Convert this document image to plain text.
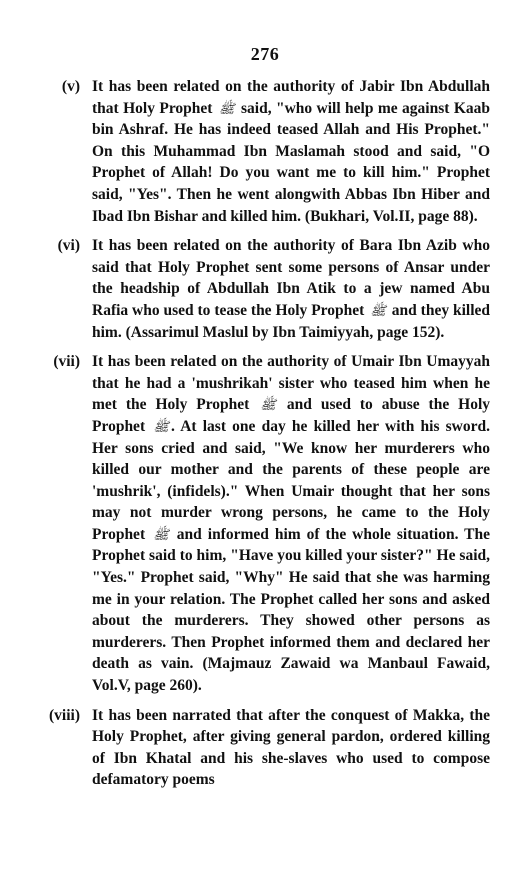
276
(v) It has been related on the authority of Jabir Ibn Abdullah that Holy Prophet ﷺ said, "who will help me against Kaab bin Ashraf. He has indeed teased Allah and His Prophet." On this Muhammad Ibn Maslamah stood and said, "O Prophet of Allah! Do you want me to kill him." Prophet said, "Yes". Then he went alongwith Abbas Ibn Hiber and Ibad Ibn Bishar and killed him. (Bukhari, Vol.II, page 88).
(vi) It has been related on the authority of Bara Ibn Azib who said that Holy Prophet sent some persons of Ansar under the headship of Abdullah Ibn Atik to a jew named Abu Rafia who used to tease the Holy Prophet ﷺ and they killed him. (Assarimul Maslul by Ibn Taimiyyah, page 152).
(vii) It has been related on the authority of Umair Ibn Umayyah that he had a 'mushrikah' sister who teased him when he met the Holy Prophet ﷺ and used to abuse the Holy Prophet ﷺ . At last one day he killed her with his sword. Her sons cried and said, "We know her murderers who killed our mother and the parents of these people are 'mushrik', (infidels)." When Umair thought that her sons may not murder wrong persons, he came to the Holy Prophet ﷺ and informed him of the whole situation. The Prophet said to him, "Have you killed your sister?" He said, "Yes." Prophet said, "Why" He said that she was harming me in your relation. The Prophet called her sons and asked about the murderers. They showed other persons as murderers. Then Prophet informed them and declared her death as vain. (Majmauz Zawaid wa Manbaul Fawaid, Vol.V, page 260).
(viii) It has been narrated that after the conquest of Makka, the Holy Prophet, after giving general pardon, ordered killing of Ibn Khatal and his she-slaves who used to compose defamatory poems
